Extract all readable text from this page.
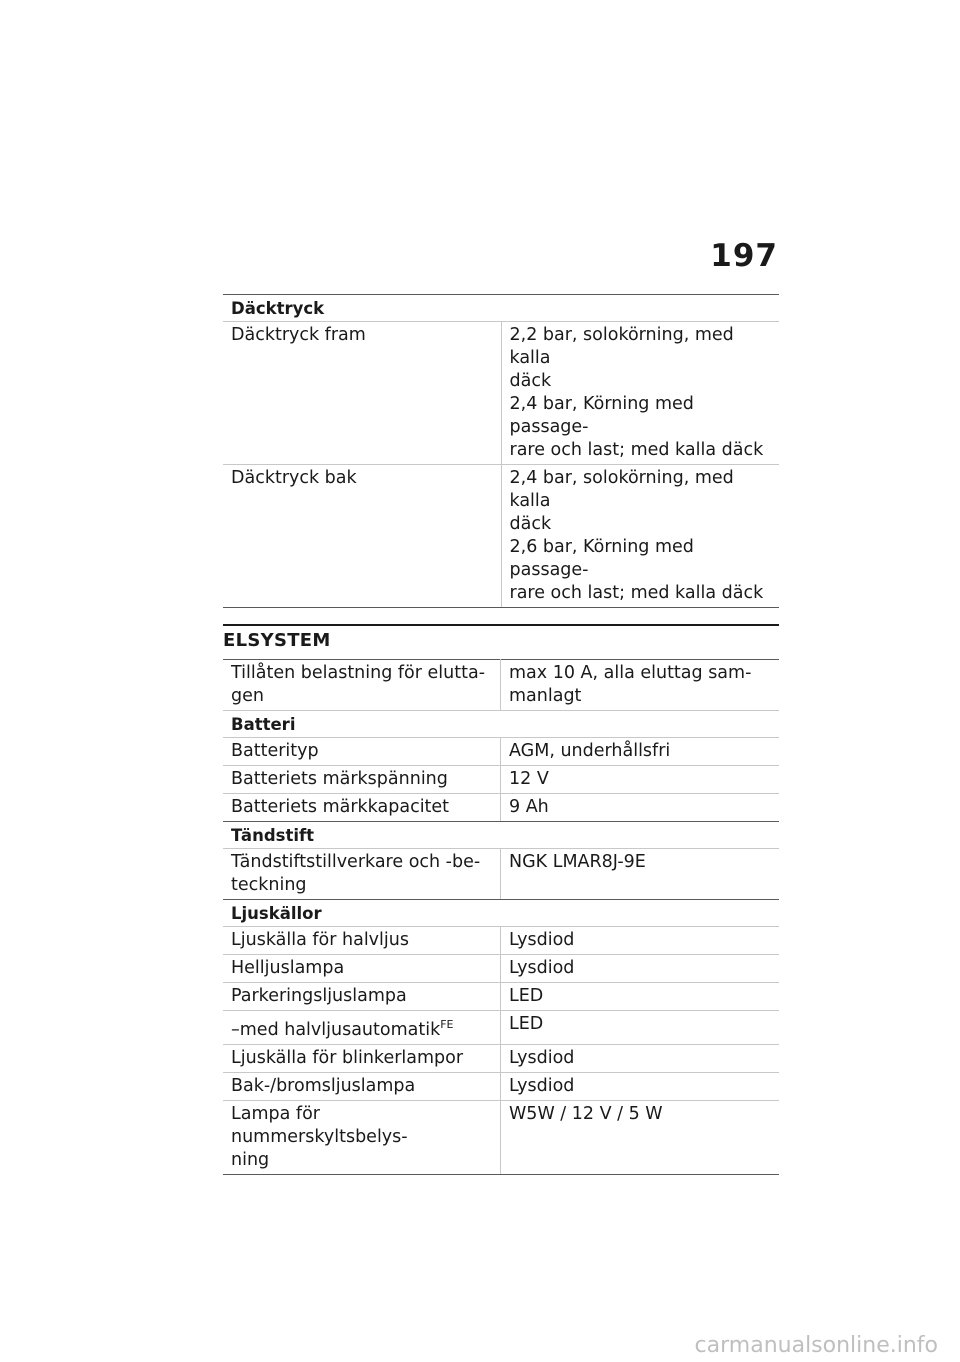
197
Däcktryck	

Däcktryck fram	2,2 bar, solokörning, med kalla
däck
2,4 bar, Körning med passage-
rare och last; med kalla däck

Däcktryck bak	2,4 bar, solokörning, med kalla
däck
2,6 bar, Körning med passage-
rare och last; med kalla däck
ELSYSTEM
Tillåten belastning för elutta-
gen	max 10 A, alla eluttag sam-
manlagt

Batteri	
Batterityp	AGM, underhållsfri
Batteriets märkspänning	12 V
Batteriets märkkapacitet	9 Ah
Tändstift	

Tändstiftstillverkare och -be-
teckning	NGK LMAR8J-9E
Ljuskällor	
Ljuskälla för halvljus	Lysdiod
Helljuslampa	Lysdiod
Parkeringsljuslampa	LED
–med halvljusautomatik$^{FE}$	LED
Ljuskälla för blinkerlampor	Lysdiod
Bak-/bromsljuslampa	Lysdiod

Lampa för nummerskyltsbelys-
ning	W5W / 12 V / 5 W
carmanualsonline.info
